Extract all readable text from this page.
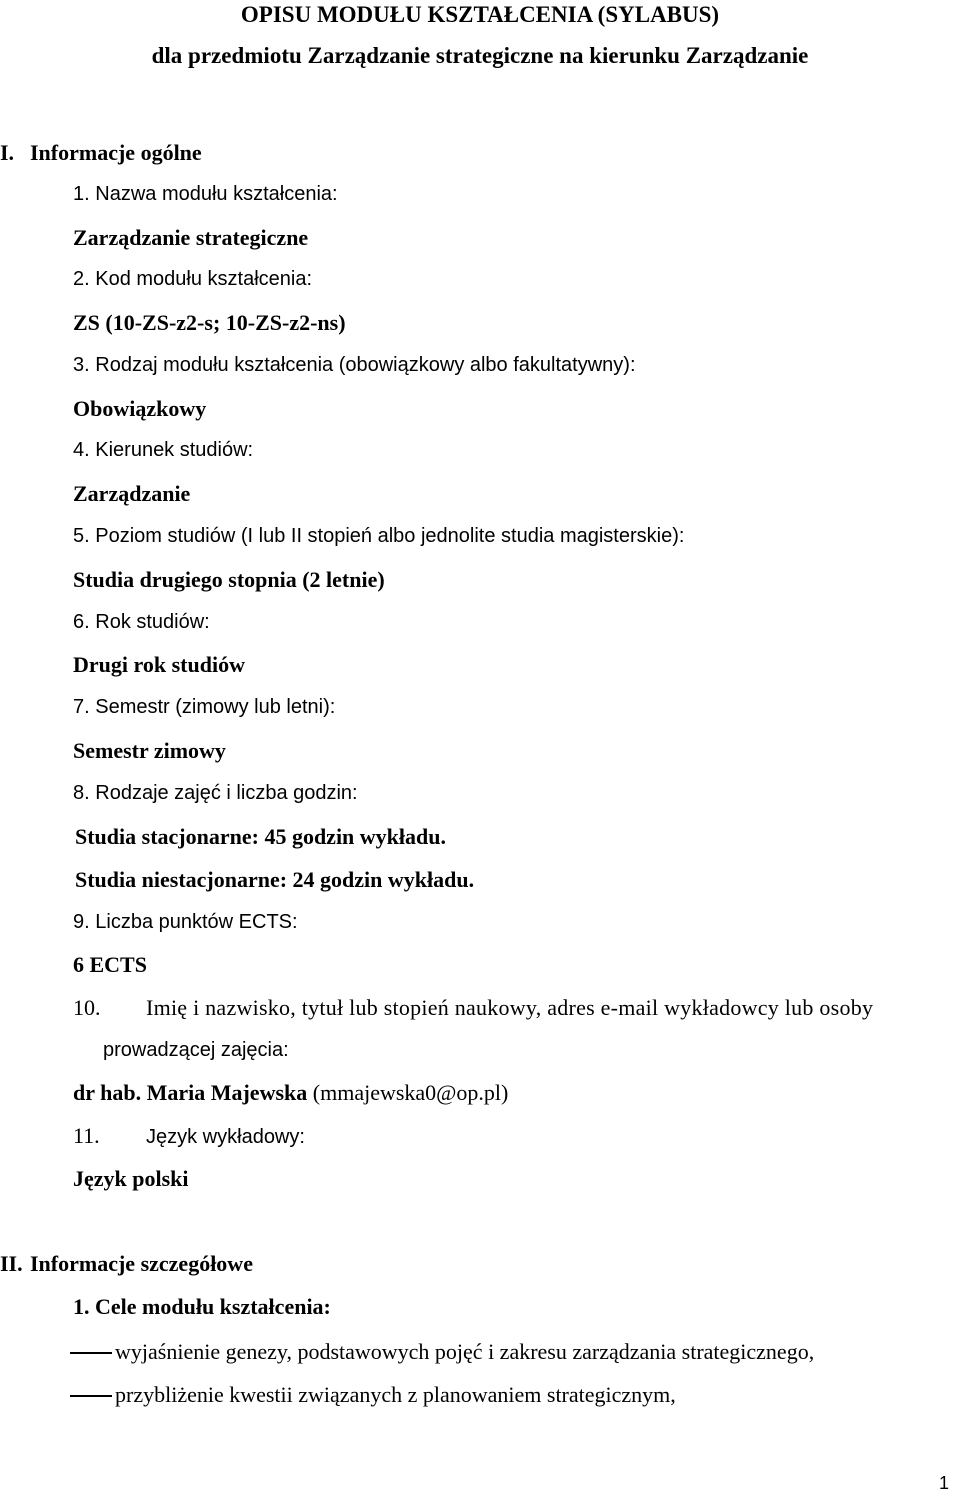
OPISU MODUŁU KSZTAŁCENIA (SYLABUS)
dla przedmiotu Zarządzanie strategiczne na kierunku Zarządzanie
I. Informacje ogólne
1. Nazwa modułu kształcenia:
Zarządzanie strategiczne
2. Kod modułu kształcenia:
ZS (10-ZS-z2-s; 10-ZS-z2-ns)
3. Rodzaj modułu kształcenia (obowiązkowy albo fakultatywny):
Obowiązkowy
4. Kierunek studiów:
Zarządzanie
5. Poziom studiów (I lub II stopień albo jednolite studia magisterskie):
Studia drugiego stopnia (2 letnie)
6. Rok studiów:
Drugi rok studiów
7. Semestr (zimowy lub letni):
Semestr zimowy
8. Rodzaje zajęć i liczba godzin:
Studia stacjonarne: 45 godzin wykładu.
Studia niestacjonarne: 24 godzin wykładu.
9. Liczba punktów ECTS:
6 ECTS
10. Imię i nazwisko, tytuł lub stopień naukowy, adres e-mail wykładowcy lub osoby
prowadzącej zajęcia:
dr hab. Maria Majewska (mmajewska0@op.pl)
11. Język wykładowy:
Język polski
II. Informacje szczegółowe
1. Cele modułu kształcenia:
wyjaśnienie genezy, podstawowych pojęć i zakresu zarządzania strategicznego,
przybliżenie kwestii związanych z planowaniem strategicznym,
1
